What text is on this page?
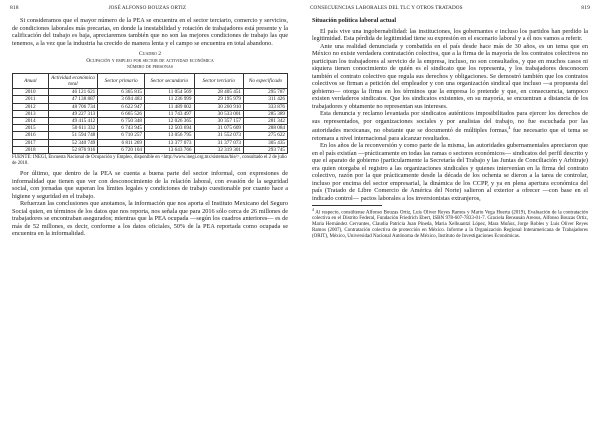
818	JOSÉ ALFONSO BOUZAS ORTIZ

Si consideramos que el mayor número de la PEA se encuentra en el sector terciario, comercio y servicios, de condiciones laborales más precarias, en donde la inestabilidad y rotación de trabajadores está presente y la calificación del trabajo es baja, apreciaremos también que no son las mejores condiciones de trabajo las que tenemos, a la vez que la industria ha crecido de manera lenta y el campo se encuentra en total abandono.

Cuadro 2
Ocupación y empleo por sector de actividad económica
número de personas
Anual	Actividad económica total	Sector primario	Sector secundario	Sector terciario	No especificado
2010	46 121 621	6 365 815	11 054 569	28 405 451	295 787
2011	47 138 887	3 694 483	11 236 999	29 195 979	311 426
2012	48 706 734	6 622 947	11 489 002	30 260 910	333 876
2013	49 227 313	6 665 526	11 743 497	30 533 001	285 389
2014	49 415 412	6 750 348	12 026 365	30 357 157	281 342
2015	50 611 332	6 743 945	12 503 694	31 075 609	288 084
2016	51 594 748	6 710 257	13 056 795	31 552 073	275 622
2017	52 340 749	6 811 269	13 377 073	31 377 073	305 435
2018	52 876 916	6 720 104	13 643 766	32 319 301	293 745
FUENTE: INEGI, Encuesta Nacional de Ocupación y Empleo, disponible en <http://www.inegi.org.mx/sistemas/bie/>, consultado el 2 de julio de 2018.

Por último, que dentro de la PEA se cuenta a buena parte del sector informal, con expresiones de informalidad que tienen que ver con desconocimiento de la relación laboral, con evasión de la seguridad social, con jornadas que superan los límites legales y condiciones de trabajo cuestionable por cuanto hace a higiene y seguridad en el trabajo.

Refuerzan las conclusiones que anotamos, la información que nos aporta el Instituto Mexicano del Seguro Social quien, en términos de los datos que nos reporta, nos señala que para 2016 sólo cerca de 26 millones de trabajadores se encontraban asegurados; mientras que la PEA ocupada —según los cuadros anteriores— es de más de 52 millones, es decir, conforme a los datos oficiales, 50% de la PEA reportada como ocupada se encuentra en la informalidad.

CONSECUENCIAS LABORALES DEL TLC Y OTROS TRATADOS	819
Situación política laboral actual

El país vive una ingobernabilidad: las instituciones, los gobernantes e incluso los partidos han perdido la legitimidad. Esta pérdida de legitimidad tiene su expresión en el escenario laboral y a él nos vamos a referir.

Ante una realidad denunciada y combatida en el país desde hace más de 30 años, es un tema que en México no existe verdadera contratación colectiva, que a la firma de la mayoría de los contratos colectivos no participan los trabajadores al servicio de la empresa, incluso, no son consultados, y que en muchos casos ni siquiera tienen conocimiento de quién es el sindicato que los representa, y los trabajadores desconocen también el contrato colectivo que regula sus derechos y obligaciones. Se demostró también que los contratos colectivos se firman a petición del empleador y con una organización sindical que incluso —a propuesta del gobierno— otorga la firma en los términos que la empresa lo pretende y que, en consecuencia, tampoco existen verdaderos sindicatos. Que los sindicatos existentes, en su mayoría, se encuentran a distancia de los trabajadores y obtamente no representan sus intereses.

Esta denuncia y reclamo levantada por sindicatos auténticos imposibilitados para ejercer los derechos de sus representados, por organizaciones sociales y por analistas del trabajo, no fue escuchada por las autoridades mexicanas, no obstante que se documentó de múltiples formas,$^4$ fue necesario que el tema se retomara a nivel internacional para alcanzar resultados.

En los años de la reconversión y como parte de la misma, las autoridades gubernamentales apreciaron que en el país existían —prácticamente en todas las ramas o sectores económicos— sindicatos del perfil descrito y que el aparato de gobierno (particularmente la Secretaría del Trabajo y las Juntas de Conciliación y Arbitraje) era quien otorgaba el registro a las organizaciones sindicales y quienes intervenían en la firma del contrato colectivo, razón por la que prácticamente desde la década de los ochenta se dieron a la tarea de controlar, incluso por encima del sector empresarial, la dinámica de los CCPP, y ya en plena apertura económica del país (Tratado de Libre Comercio de América del Norte) salieron al exterior a ofrecer —con base en el indicado control— pactos laborales a los inversionistas extranjeros,

$^4$ Al respecto, consúltense Alfonso Bouzas Ortiz, Luis Oliver Reyes Ramos y Mario Vega Huerta (2019), Evaluación de la contratación colectiva en el Distrito Federal, Fundación Friedrich Ebert, ISBN 978-607-7833-01-7. Graciela Bensusán Areous, Alfonso Bouzas Ortiz, Maria Hernández Cervantes, Claudia Patricia Juan Pineda, Maria Xelhuantzi López, Mara Muñoz, Jorge Robles y Luis Oliver Reyes Ramos (2007), Contratación colectiva de protección en México. Informe a la Organización Regional Interamericana de Trabajadores (ORIT), México, Universidad Nacional Autónoma de México, Instituto de Investigaciones Económicas.
